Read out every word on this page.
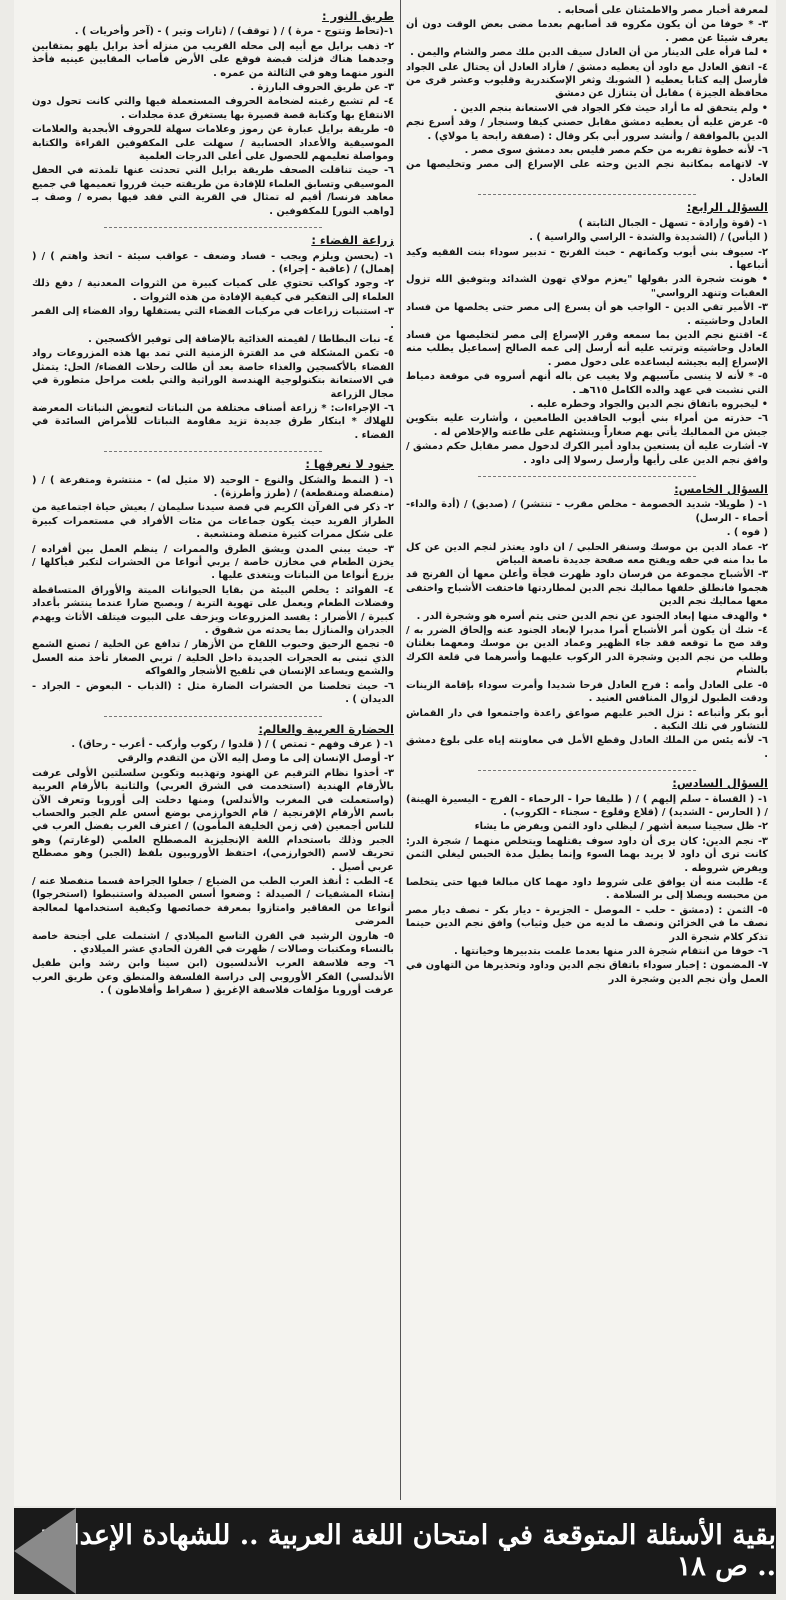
لمعرفة أخبار مصر والاطمئنان على أصحابه .

٣- * خوفا من أن يكون مكروه قد أصابهم بعدما مضى بعض الوقت دون أن يعرف شيئا عن مصر .

• لما قرأه على الدينار من أن العادل سيف الدين ملك مصر والشام واليمن .

٤- اتفق العادل مع داود أن يعطيه دمشق / فأراد العادل أن يحتال على الجواد فأرسل إليه كتابا يعطيه ( الشوبك وثغر الإسكندرية وقليوب وعشر قرى من محافظة الجيزة ) مقابل أن يتنازل عن دمشق

• ولم يتحقق له ما أراد حيث فكر الجواد في الاستعانة بنجم الدين .

٥- عرض عليه أن يعطيه دمشق مقابل حصني كيفا وسنجار / وقد أسرع نجم الدين بالموافقة / وأنشد سرور أبي بكر وقال : (صفقة رابحة يا مولاي) .

٦- لأنه خطوة تقربه من حكم مصر فليس بعد دمشق سوى مصر .

٧- لاتهامه بمكاتبة نجم الدين وحثه على الإسراع إلى مصر وتخليصها من العادل .

السؤال الرابع:

١- (قوة وإرادة - تسهل - الجبال الثابتة )

( اليأس) / (الشديدة والشدة - الراسي والراسية ) .

٢- سيوف بني أيوب وكماتهم - خبث الفرنج - تدبير سوداء بنت الفقيه وكيد أتباعها .

• هونت شجرة الدر بقولها "يعزم مولاي تهون الشدائد وبتوفيق الله تزول العقبات وتنهد الرواسي"

٣- الأمير تقي الدين - الواجب هو أن يسرع إلى مصر حتى يخلصها من فساد العادل وحاشيته .

٤- اقتنع نجم الدين بما سمعه وقرر الإسراع إلى مصر لتخليصها من فساد العادل وحاشيته وترتب عليه أنه أرسل إلى عمه الصالح إسماعيل يطلب منه الإسراع إليه بجيشه ليساعده على دخول مصر .

٥- * لأنه لا ينسى مآسيهم ولا يغيب عن باله أنهم أسروه في موقعة دمياط التي نشبت في عهد والده الكامل ٦١٥هـ .

• ليخبروه باتفاق نجم الدين والجواد وخطره عليه .

٦- حذرته من أمراء بني أيوب الحاقدين الطامعين ، وأشارت عليه بتكوين جيش من المماليك يأتي بهم صغاراً وينشئهم على طاعته والإخلاص له .

٧- أشارت عليه أن يستعين بداود أمير الكرك لدخول مصر مقابل حكم دمشق / وافق نجم الدين على رأيها وأرسل رسولا إلى داود .

السؤال الخامس:

١- ( طويلا- شديد الخصومة - مخلص مقرب - تنتشر) / (صديق) / (أدة والداء- أحماء - الرسل)

( فوه ) .

٢- عماد الدين بن موسك وسنقر الحلبي / ان داود يعتذر لنجم الدين عن كل ما بدا منه في حقه ويفتح معه صفحة جديدة ناصعة البياض

٣- الأشباح مجموعة من فرسان داود ظهرت فجأة وأعلن معها أن الفرنج قد هجموا فانطلق خلفها مماليك نجم الدين لمطاردتها فاختفت الأشباح واختفى معها مماليك نجم الدين

• والهدف منها إبعاد الجنود عن نجم الدين حتى يتم أسره هو وشجرة الدر .

٤- شك أن يكون أمر الأشباح أمرا مدبرا لإبعاد الجنود عنه وإلحاق الضرر به / وقد صح ما توقعه فقد جاء الظهير وعماد الدين بن موسك ومعهما بغلتان وطلب من نجم الدين وشجرة الدر الركوب عليهما وأسرهما في قلعة الكرك بالشام

٥- على العادل وأمه : فرح العادل فرحا شديدا وأمرت سوداء بإقامة الزينات ودقت الطبول لزوال المنافس العنيد .

أبو بكر وأتباعه : نزل الخبر عليهم صواعق راعدة واجتمعوا في دار القماش للتشاور في تلك النكبة .

٦- لأنه يئس من الملك العادل وقطع الأمل في معاونته إياه على بلوغ دمشق .

السؤال السادس:

١- ( القساة - سلم إليهم ) / ( طليقا حرا - الرحماء - الفرج - اليسيرة الهينة) / ( الحارس - الشديد) / (قلاع وقلوع - سجناء - الكروب) .

٢- ظل سجينا سبعة أشهر / ليظلي داود الثمن ويفرض ما يشاء

٣- نجم الدين: كان يرى أن داود سوف يقتلهما ويتخلص منهما / شجرة الدر: كانت ترى أن داود لا يريد بهما السوء وإنما يطيل مدة الحبس ليغلي الثمن ويفرض شروطه .

٤- طلبت منه أن يوافق على شروط داود مهما كان مبالغا فيها حتى يتخلصا من محبسه ويصلا إلى بر السلامة .

٥- الثمن : (دمشق - حلب - الموصل - الجزيرة - ديار بكر - نصف ديار مصر نصف ما في الخزائن ونصف ما لديه من خيل وثياب) وافق نجم الدين حينما تذكر كلام شجرة الدر

٦- خوفا من انتقام شجرة الدر منها بعدما علمت بتدبيرها وخيانتها .

٧- المضمون : إخبار سوداء باتفاق نجم الدين وداود وتحذيرها من التهاون في العمل وأن نجم الدين وشجرة الدر

طريق النور :

١-(تحاط وتتوج - مرة ) / ( توقف) / (تارات وتير ) - (آخر وأخريات ) .

٢- ذهب برايل مع أبيه إلى محله القريب من منزله أخذ برايل يلهو بمتقابين وجدهما هناك فزلت قبضة فوقع على الأرض فأصاب المقابين عينيه فأخذ النور منهما وهو في الثالثة من عمره .

٣- عن طريق الحروف البارزة .

٤- لم تشبع رغبته لضخامة الحروف المستعملة فيها والتي كانت تحول دون الانتفاع بها وكتابة قصة قصيرة بها يستغرق عدة مجلدات .

٥- طريقة برايل عبارة عن رموز وعلامات سهلة للحروف الأبجدية والعلامات الموسيقية والأعداد الحسابية / سهلت على المكفوفين القراءة والكتابة ومواصلة تعليمهم للحصول على أعلى الدرجات العلمية

٦- حيث تناقلت الصحف طريقة برايل التي تحدثت عنها تلمذته في الحفل الموسيقي وتسابق العلماء للإفادة من طريقته حيث قرروا تعميمها في جميع معاهد فرنسا/ أقيم له تمثال في القرية التي فقد فيها بصره / وصف بـ [واهب النور] للمكفوفين .

زراعة الفضاء :

١- (يحسن ويلزم ويجب - فساد وضعف - عواقب سيئة - اتخذ واهتم ) / ( إهمال) / (عاقبة - إجراء) .

٢- وجود كواكب تحتوي على كميات كبيرة من الثروات المعدنية / دفع ذلك العلماء إلى التفكير في كيفية الإفادة من هذه الثروات .

٣- استنبات زراعات في مركبات الفضاء التي يستقلها رواد الفضاء إلى القمر .

٤- نبات البطاطا / لقيمته الغذائية بالإضافة إلى توفير الأكسجين .

٥- تكمن المشكلة في مد الفترة الزمنية التي تمد بها هذه المزروعات رواد الفضاء بالأكسجين والغذاء خاصة بعد أن طالت رحلات الفضاء/ الحل: يتمثل في الاستعانة بتكنولوجية الهندسة الوراثية والتي بلغت مراحل متطورة في مجال الزراعة

٦- الإجراءات: * زراعة أصناف مختلفة من النباتات لتعويض النباتات المعرضة للهلاك * ابتكار طرق جديدة تزيد مقاومة النباتات للأمراض السائدة في الفضاء .

جنود لا نعرفها :

١- ( النمط والشكل والنوع - الوحيد (لا مثيل له) - منتشرة ومتفرعة ) / ( (منفصلة ومنقطعة) / (طرز وأطرزة) .

٢- ذكر في القرآن الكريم في قصة سيدنا سليمان / يعيش حياة اجتماعية من الطراز الفريد حيث يكون جماعات من مئات الأفراد في مستعمرات كبيرة على شكل ممرات كثيرة متصلة ومتشعبة .

٣- حيث يبني المدن ويشق الطرق والممرات / ينظم العمل بين أفراده / يخزن الطعام في مخازن خاصة / يربي أنواعا من الحشرات لتكبر فيأكلها / يزرع أنواعا من النباتات ويتغذى عليها .

٤- الفوائد : يخلص البيئة من بقايا الحيوانات الميتة والأوراق المتساقطة وفضلات الطعام ويعمل على تهوية التربة / ويصبح ضارا عندما ينتشر بأعداد كبيرة / الأضرار : يفسد المزروعات ويزحف على البيوت فيتلف الأثاث ويهدم الجدران والمنازل بما يحدثه من شقوق .

٥- تجمع الرحيق وحبوب اللقاح من الأزهار / تدافع عن الخلية / تصنع الشمع الذي تبنى به الحجرات الجديدة داخل الخلية / تربي الصغار تأخذ منه العسل والشمع ويساعد الإنسان في تلقيح الأشجار والفواكه

٦- حيث تخلصنا من الحشرات الضارة مثل : (الذباب - البعوض - الجراد - الديدان ) .

الحضارة العربية والعالم:

١- ( عرف وفهم - تمتص ) / ( قلدوا / ركوب وأركب - أعرب - رحاق) .

٢- أوصل الإنسان إلى ما وصل إليه الآن من التقدم والرقي

٣- أخذوا نظام الترقيم عن الهنود وتهذيبه وتكوين سلسلتين الأولى عرفت بالأرقام الهندية (استخدمت في الشرق العربي) والثانية بالأرقام العربية (واستعملت في المغرب والأندلس) ومنها دخلت إلى أوروبا وتعرف الآن باسم الأرقام الإفرنجية / قام الخوارزمي بوضع أسس علم الجبر والحساب للناس أجمعين (في زمن الخليفة المأمون) / اعترف الغرب بفضل العرب في الجبر وذلك باستخدام اللغة الإنجليزية المصطلح العلمي (لوغارتم) وهو تحريف لاسم (الخوارزمي)، احتفظ الأوروبيون بلفظ (الجبر) وهو مصطلح عربي أصيل .

٤- الطب : أنقذ العرب الطب من الضياع / جعلوا الجراحة قسما منفصلا عنه / إنشاء المشفيات / الصيدلة : وضعوا أسس الصيدلة واستنبطوا (استخرجوا) أنواعا من العقاقير وامتازوا بمعرفة خصائصها وكيفية استخدامها لمعالجة المرضى

٥- هارون الرشيد في القرن التاسع الميلادي / اشتملت على أجنحة خاصة بالنساء ومكتبات وصالات / ظهرت في القرن الحادي عشر الميلادي .

٦- وجه فلاسفة العرب الأندلسيون (ابن سينا وابن رشد وابن طفيل الأندلسي) الفكر الأوروبي إلى دراسة الفلسفة والمنطق وعن طريق العرب عرفت أوروبا مؤلفات فلاسفة الإغريق ( سقراط وأفلاطون ) .

بقية الأسئلة المتوقعة في امتحان اللغة العربية .. للشهادة الإعدادية .. ص ١٨
